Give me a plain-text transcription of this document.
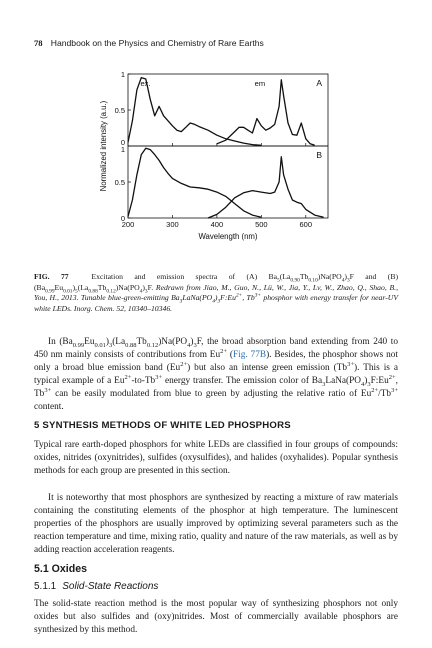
78 Handbook on the Physics and Chemistry of Rare Earths
0
0.5
1
A
ex.	em
0
0.5
1
B
200	300	400	500	600
Wavelength (nm)
Normalized intensity (a.u.)
FIG. 77	Excitation and emission spectra of (A) $Ba_5(La_{0.90}Tb_{0.10})Na(PO_4)_3F$ and (B) $(Ba_{0.99}Eu_{0.01})_5(La_{0.88}Tb_{0.12})Na(PO_4)_3F$. Redrawn from Jiao, M., Guo, N., Lü, W., Jia, Y., Lv, W., Zhao, Q., Shao, B., You, H., 2013. Tunable blue-green-emitting $Ba_3LaNa(PO_4)_3F:Eu^{2+}$, $Tb^{3+}$ phosphor with energy transfer for near-UV white LEDs. Inorg. Chem. 52, 10340–10346.
In $(Ba_{0.99}Eu_{0.01})_3(La_{0.88}Tb_{0.12})Na(PO_4)_3F$, the broad absorption band extending from 240 to 450 nm mainly consists of contributions from $Eu^{2+}$ (Fig. 77B). Besides, the phosphor shows not only a broad blue emission band $(Eu^{2+})$ but also an intense green emission $(Tb^{3+})$. This is a typical example of a $Eu^{2+}-to-Tb^{3+}$ energy transfer. The emission color of $Ba_3LaNa(PO_4)_3F:Eu^{2+}$, $Tb^{3+}$ can be easily modulated from blue to green by adjusting the relative ratio of $Eu^{2+}/Tb^{3+}$ content.
5 SYNTHESIS METHODS OF WHITE LED PHOSPHORS
Typical rare earth-doped phosphors for white LEDs are classified in four groups of compounds: oxides, nitrides (oxynitrides), sulfides (oxysulfides), and halides (oxyhalides). Popular synthesis methods for each group are presented in this section.
It is noteworthy that most phosphors are synthesized by reacting a mixture of raw materials containing the constituting elements of the phosphor at high temperature. The luminescent properties of the phosphors are usually improved by optimizing several parameters such as the reaction temperature and time, mixing ratio, quality and nature of the raw materials, as well as by adding reaction acceleration reagents.
5.1 Oxides
5.1.1 Solid-State Reactions
The solid-state reaction method is the most popular way of synthesizing phosphors not only oxides but also sulfides and (oxy)nitrides. Most of commercially available phosphors are synthesized by this method.
